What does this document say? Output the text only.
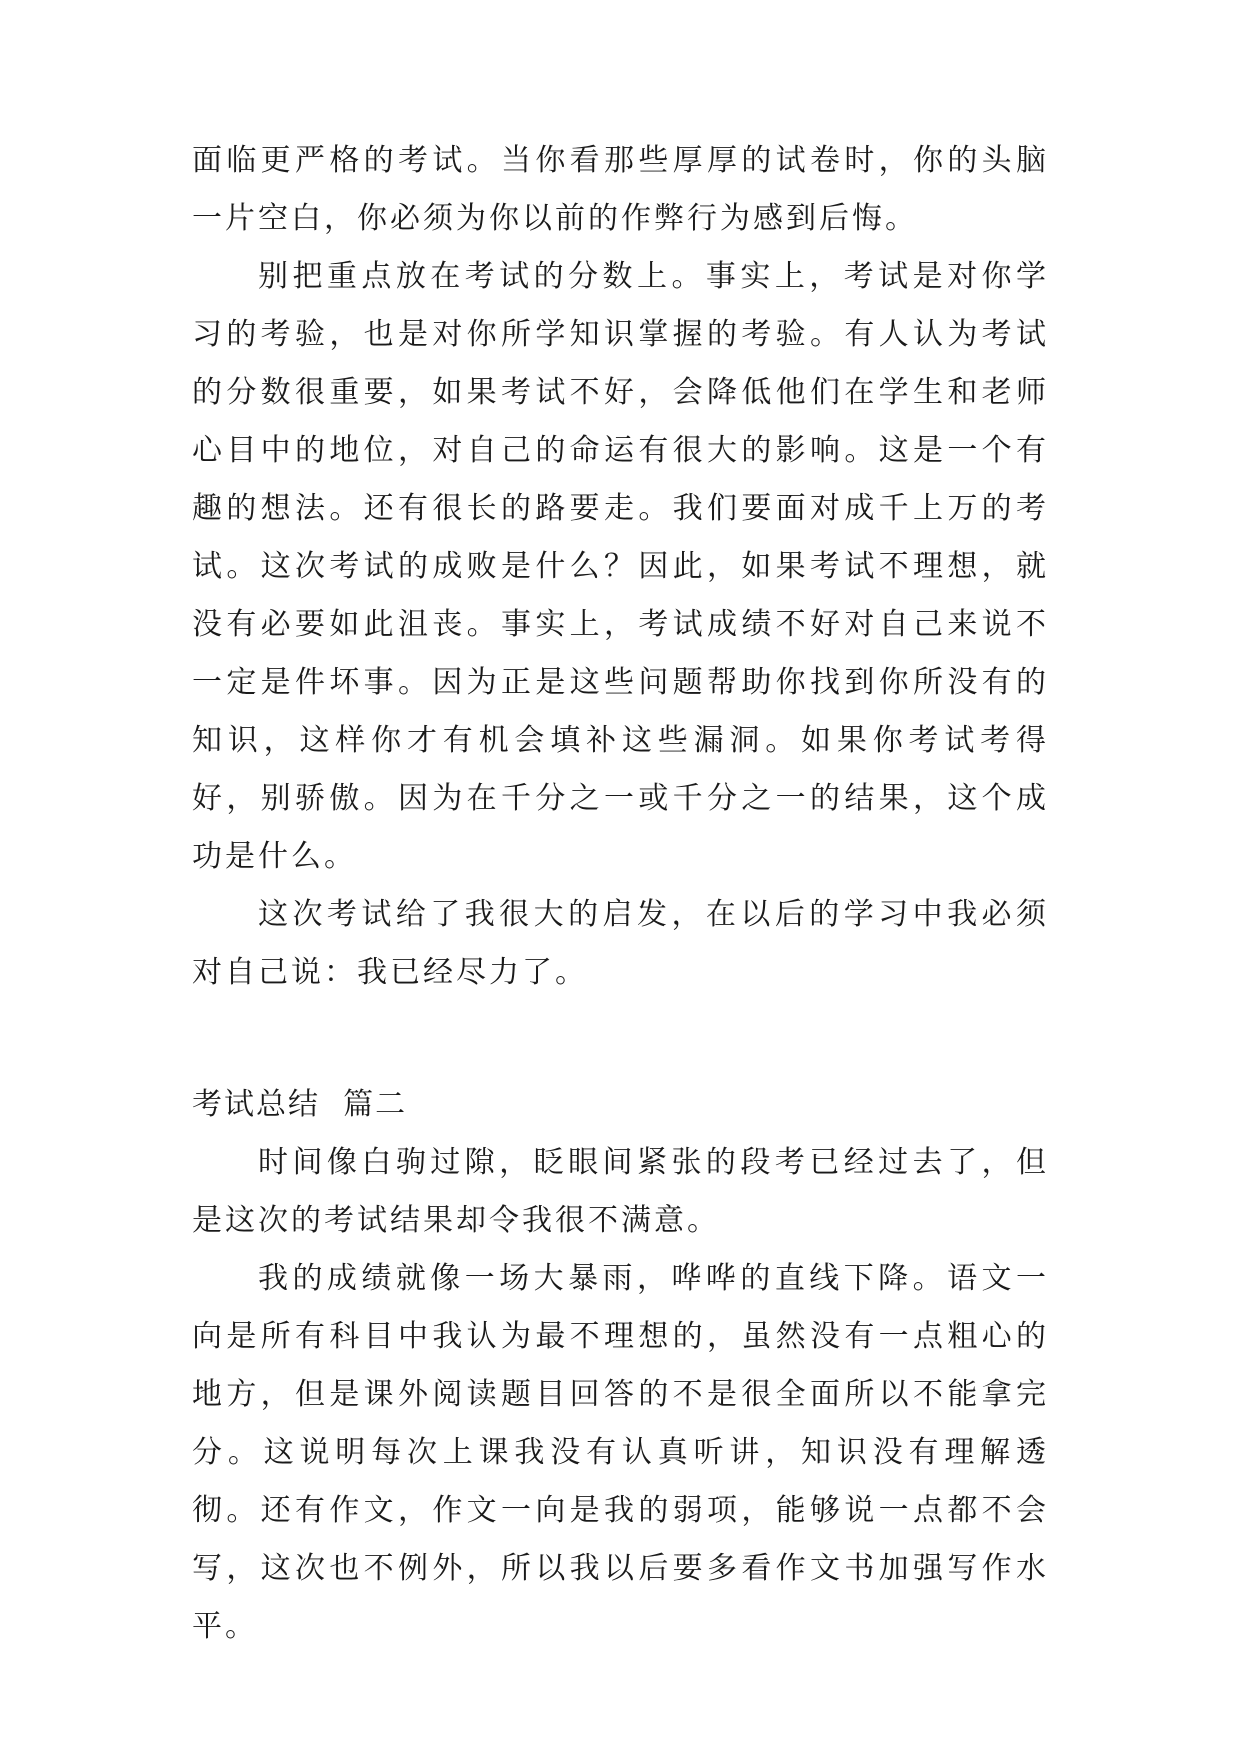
面临更严格的考试。当你看那些厚厚的试卷时，你的头脑一片空白，你必须为你以前的作弊行为感到后悔。

别把重点放在考试的分数上。事实上，考试是对你学习的考验，也是对你所学知识掌握的考验。有人认为考试的分数很重要，如果考试不好，会降低他们在学生和老师心目中的地位，对自己的命运有很大的影响。这是一个有趣的想法。还有很长的路要走。我们要面对成千上万的考试。这次考试的成败是什么？因此，如果考试不理想，就没有必要如此沮丧。事实上，考试成绩不好对自己来说不一定是件坏事。因为正是这些问题帮助你找到你所没有的知识，这样你才有机会填补这些漏洞。如果你考试考得好，别骄傲。因为在千分之一或千分之一的结果，这个成功是什么。

这次考试给了我很大的启发，在以后的学习中我必须对自己说：我已经尽力了。

考试总结  篇二

时间像白驹过隙，眨眼间紧张的段考已经过去了，但是这次的考试结果却令我很不满意。

我的成绩就像一场大暴雨，哗哗的直线下降。语文一向是所有科目中我认为最不理想的，虽然没有一点粗心的地方，但是课外阅读题目回答的不是很全面所以不能拿完分。这说明每次上课我没有认真听讲，知识没有理解透彻。还有作文，作文一向是我的弱项，能够说一点都不会写，这次也不例外，所以我以后要多看作文书加强写作水平。
